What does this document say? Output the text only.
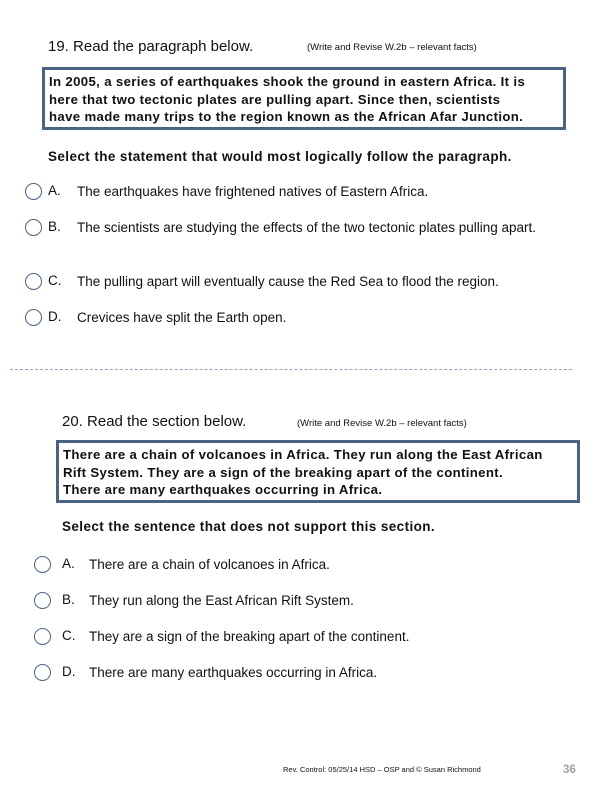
19. Read the paragraph below.	(Write and Revise W.2b – relevant facts)
In 2005, a series of earthquakes shook the ground in eastern Africa. It is
here that two tectonic plates are pulling apart. Since then, scientists
have made many trips to the region known as the African Afar Junction.
Select the statement that would most logically follow the paragraph.
A. The earthquakes have frightened natives of Eastern Africa.
B. The scientists are studying the effects of the two tectonic plates pulling apart.
C. The pulling apart will eventually cause the Red Sea to flood the region.
D. Crevices have split the Earth open.
20. Read the section below.	(Write and Revise W.2b – relevant facts)
There are a chain of volcanoes in Africa. They run along the East African
Rift System. They are a sign of the breaking apart of the continent.
There are many earthquakes occurring in Africa.
Select the sentence that does not support this section.
A. There are a chain of volcanoes in Africa.
B. They run along the East African Rift System.
C. They are a sign of the breaking apart of the continent.
D. There are many earthquakes occurring in Africa.
Rev. Control: 05/25/14 HSD – OSP and © Susan Richmond	36
